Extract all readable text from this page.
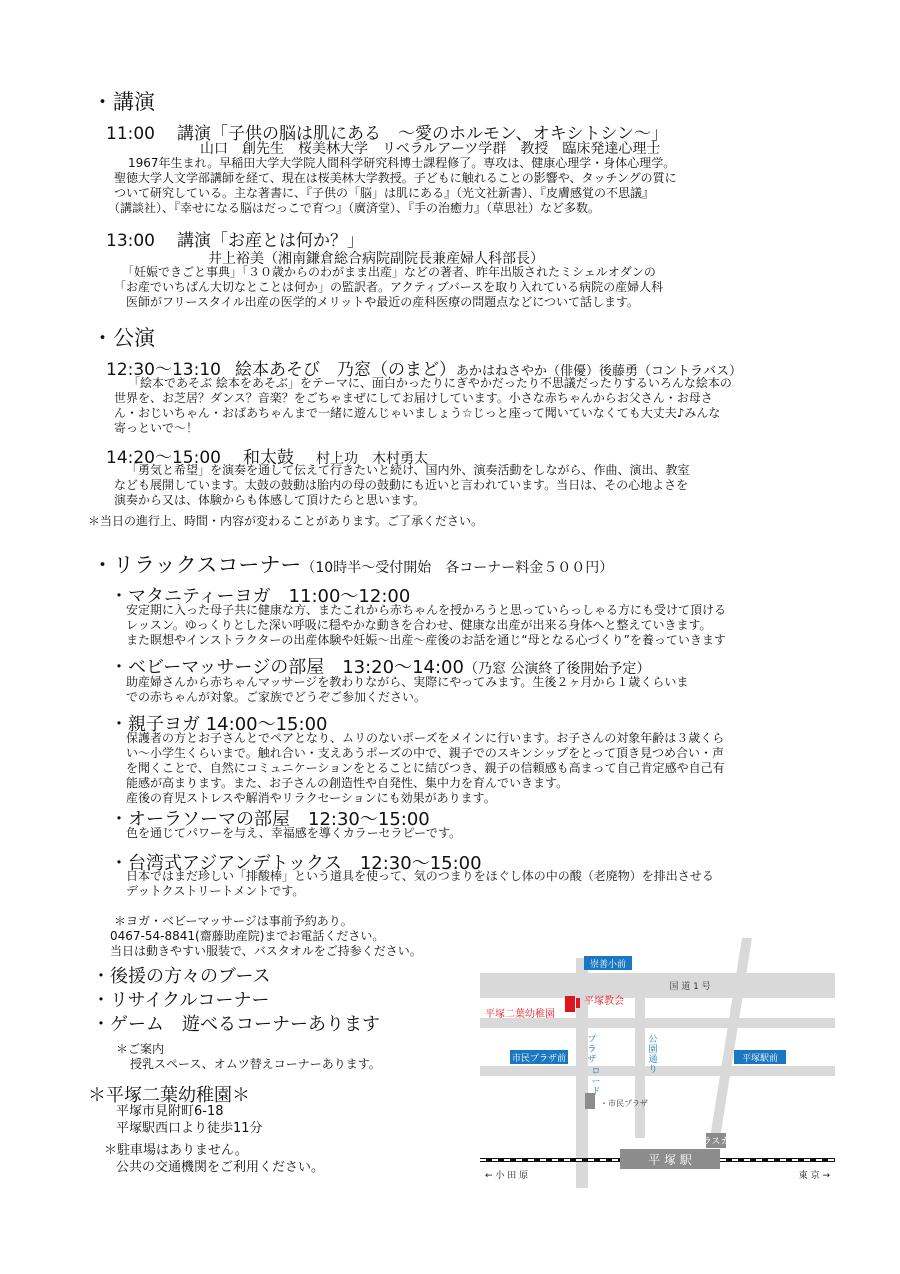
・講演
11:00 講演「子供の脳は肌にある　～愛のホルモン、オキシトシン～」
山口　創先生　桜美林大学　リベラルアーツ学群　教授　臨床発達心理士
1967年生まれ。早稲田大学大学院人間科学研究科博士課程修了。専攻は、健康心理学・身体心理学。
聖徳大学人文学部講師を経て、現在は桜美林大学教授。子どもに触れることの影響や、タッチングの質に
ついて研究している。主な著書に、『子供の「脳」は肌にある』（光文社新書）、『皮膚感覚の不思議』
（講談社）、『幸せになる脳はだっこで育つ』（廣済堂）、『手の治癒力』（草思社）など多数。
13:00 講演「お産とは何か？」
井上裕美（湘南鎌倉総合病院副院長兼産婦人科部長）
「妊娠できごと事典」「３０歳からのわがまま出産」などの著者、昨年出版されたミシェルオダンの
「お産でいちばん大切なとことは何か」の監訳者。アクティブバースを取り入れている病院の産婦人科
医師がフリースタイル出産の医学的メリットや最近の産科医療の問題点などについて話します。
・公演
12:30～13:10 絵本あそび　乃窓（のまど）あかはねさやか（俳優）後藤勇（コントラバス）
「絵本であそぶ 絵本をあそぶ」をテーマに、面白かったりにぎやかだったり不思議だったりするいろんな絵本の
世界を、お芝居？ダンス？音楽？をごちゃまぜにしてお届けしています。小さな赤ちゃんからお父さん・お母さ
ん・おじいちゃん・おばあちゃんまで一緒に遊んじゃいましょう☆じっと座って聞いていなくても大丈夫♪みんな
寄っといで～！
14:20～15:00 和太鼓 村上功　木村勇太
「勇気と希望」を演奏を通して伝えて行きたいと続け、国内外、演奏活動をしながら、作曲、演出、教室
なども展開しています。太鼓の鼓動は胎内の母の鼓動にも近いと言われています。当日は、その心地よさを
演奏から又は、体験からも体感して頂けたらと思います。
＊当日の進行上、時間・内容が変わることがあります。ご了承ください。
・リラックスコーナー（10時半～受付開始　各コーナー料金５００円）
・マタニティーヨガ　11:00～12:00
安定期に入った母子共に健康な方、またこれから赤ちゃんを授かろうと思っていらっしゃる方にも受けて頂ける
レッスン。ゆっくりとした深い呼吸に穏やかな動きを合わせ、健康な出産が出来る身体へと整えていきます。
また瞑想やインストラクターの出産体験や妊娠～出産～産後のお話を通じ“母となる心づくり”を養っていきます
・ベビーマッサージの部屋　13:20～14:00（乃窓 公演終了後開始予定）
助産婦さんから赤ちゃんマッサージを教わりながら、実際にやってみます。生後２ヶ月から１歳くらいま
での赤ちゃんが対象。ご家族でどうぞご参加ください。
・親子ヨガ 14:00～15:00
保護者の方とお子さんとでペアとなり、ムリのないポーズをメインに行います。お子さんの対象年齢は３歳くら
い～小学生くらいまで。触れ合い・支えあうポーズの中で、親子でのスキンシップをとって頂き見つめ合い・声
を聞くことで、自然にコミュニケーションをとることに結びつき、親子の信頼感も高まって自己肯定感や自己有
能感が高まります。また、お子さんの創造性や自発性、集中力を育んでいきます。
産後の育児ストレスや解消やリラクセーションにも効果があります。
・オーラソーマの部屋　12:30～15:00
色を通じてパワーを与え、幸福感を導くカラーセラピーです。
・台湾式アジアンデトックス　12:30～15:00
日本ではまだ珍しい「排酸棒」という道具を使って、気のつまりをほぐし体の中の酸（老廃物）を排出させる
デットクストリートメントです。
＊ヨガ・ベビーマッサージは事前予約あり。
0467-54-8841(齋藤助産院)までお電話ください。
当日は動きやすい服装で、バスタオルをご持参ください。
・後援の方々のブース
・リサイクルコーナー
・ゲーム　遊べるコーナーあります
＊ご案内
授乳スペース、オムツ替えコーナーあります。
＊平塚二葉幼稚園＊
平塚市見附町6-18
平塚駅西口より徒歩11分
＊駐車場はありません。
公共の交通機関をご利用ください。	平 塚 駅
崇善小前
市民プラザ前	平塚駅前
国 道 1 号
平塚教会
平塚二葉幼稚園
・市民プラザ
プ
ラ
ザ
ロ
ー
ド
公
園
通
り
ラスカ
← 小 田 原	東 京 →
